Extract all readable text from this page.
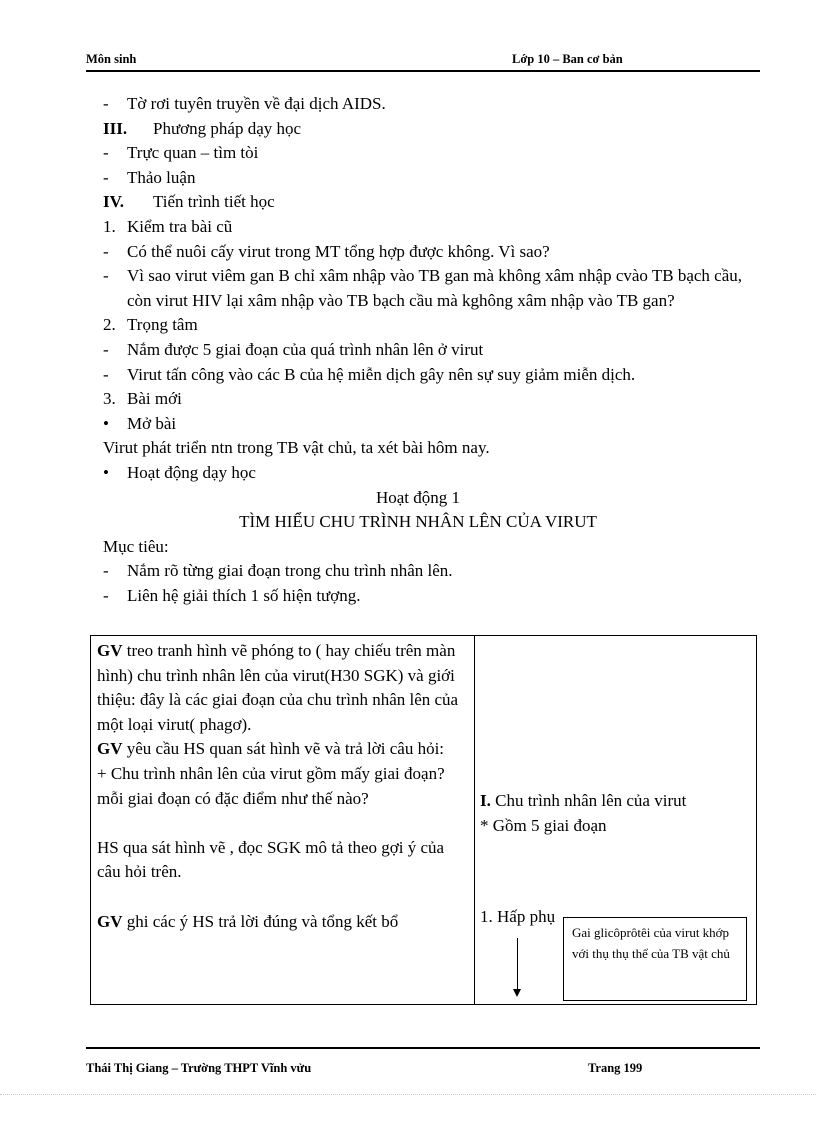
Môn sinh	Lớp 10 – Ban cơ bản
-	Tờ rơi tuyên truyền về đại dịch AIDS.
III.	Phương pháp dạy học
-	Trực quan – tìm tòi
-	Thảo luận
IV.	Tiến trình tiết học
1. Kiểm tra bài cũ
-	Có thể nuôi cấy virut trong MT tổng hợp được không. Vì sao?
-	Vì sao virut viêm gan B chỉ xâm nhập vào TB gan mà không xâm nhập cvào TB bạch cầu, còn virut HIV lại xâm nhập vào TB bạch cầu mà kghông xâm nhập vào TB gan?
2. Trọng tâm
-	Nắm được 5 giai đoạn của quá trình nhân lên ở virut
-	Virut tấn công vào các B của hệ miễn dịch gây nên sự suy giảm miễn dịch.
3. Bài mới
•	Mở bài
Virut phát triển ntn trong TB vật chủ, ta xét bài hôm nay.
•	Hoạt động dạy học
Hoạt động 1
TÌM HIỂU CHU TRÌNH NHÂN LÊN CỦA VIRUT
Mục tiêu:
-	Nắm rõ từng giai đoạn trong chu trình nhân lên.
-	Liên hệ giải thích 1 số hiện tượng.
GV treo tranh hình vẽ phóng to ( hay chiếu trên màn hình) chu trình nhân lên của virut(H30 SGK) và giới thiệu: đây là các giai đoạn của chu trình nhân lên của một loại virut( phagơ).
GV yêu cầu HS quan sát hình vẽ và trả lời câu hỏi:
+ Chu trình nhân lên của virut gồm mấy giai đoạn? mỗi giai đoạn có đặc điểm như thế nào?
HS qua sát hình vẽ , đọc SGK mô tả theo gợi ý của câu hỏi trên.
GV ghi các ý HS trả lời đúng và tổng kết bổ

I. Chu trình nhân lên của virut
* Gồm 5 giai đoạn
1. Hấp phụ
Gai glicôprôtêi của virut khớp với thụ thụ thể của TB vật chủ
Thái Thị Giang – Trường THPT Vĩnh vửu	Trang 199
